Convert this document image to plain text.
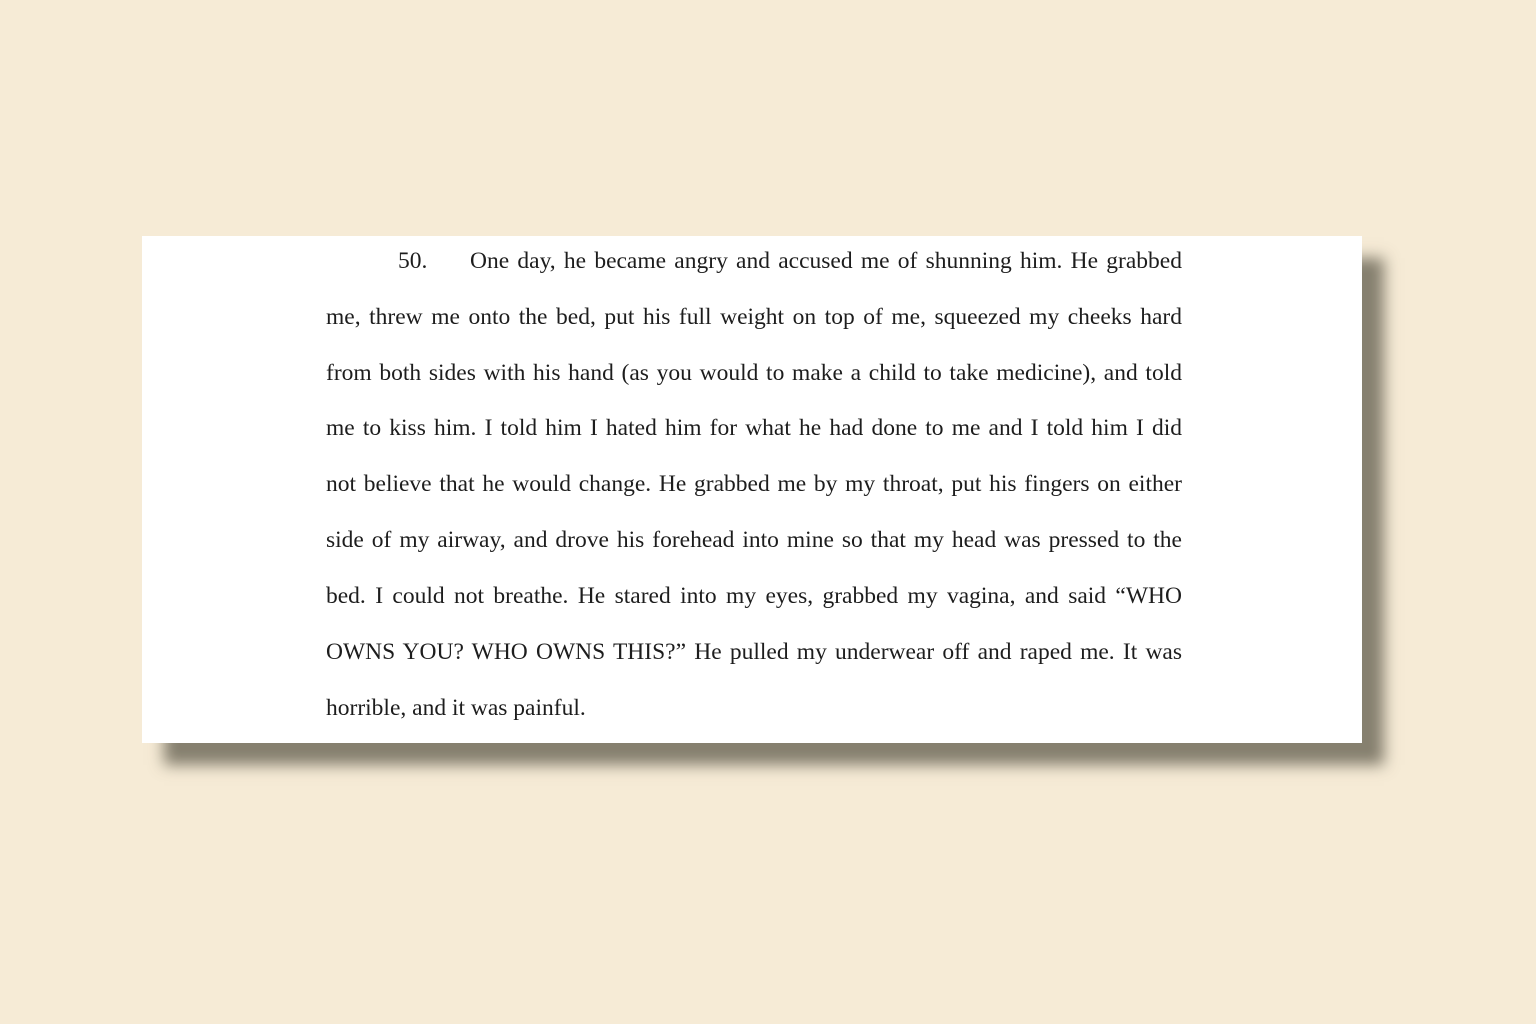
50. One day, he became angry and accused me of shunning him. He grabbed
me, threw me onto the bed, put his full weight on top of me, squeezed my cheeks hard
from both sides with his hand (as you would to make a child to take medicine), and told
me to kiss him. I told him I hated him for what he had done to me and I told him I did
not believe that he would change. He grabbed me by my throat, put his fingers on either
side of my airway, and drove his forehead into mine so that my head was pressed to the
bed. I could not breathe. He stared into my eyes, grabbed my vagina, and said “WHO
OWNS YOU? WHO OWNS THIS?” He pulled my underwear off and raped me. It was
horrible, and it was painful.
